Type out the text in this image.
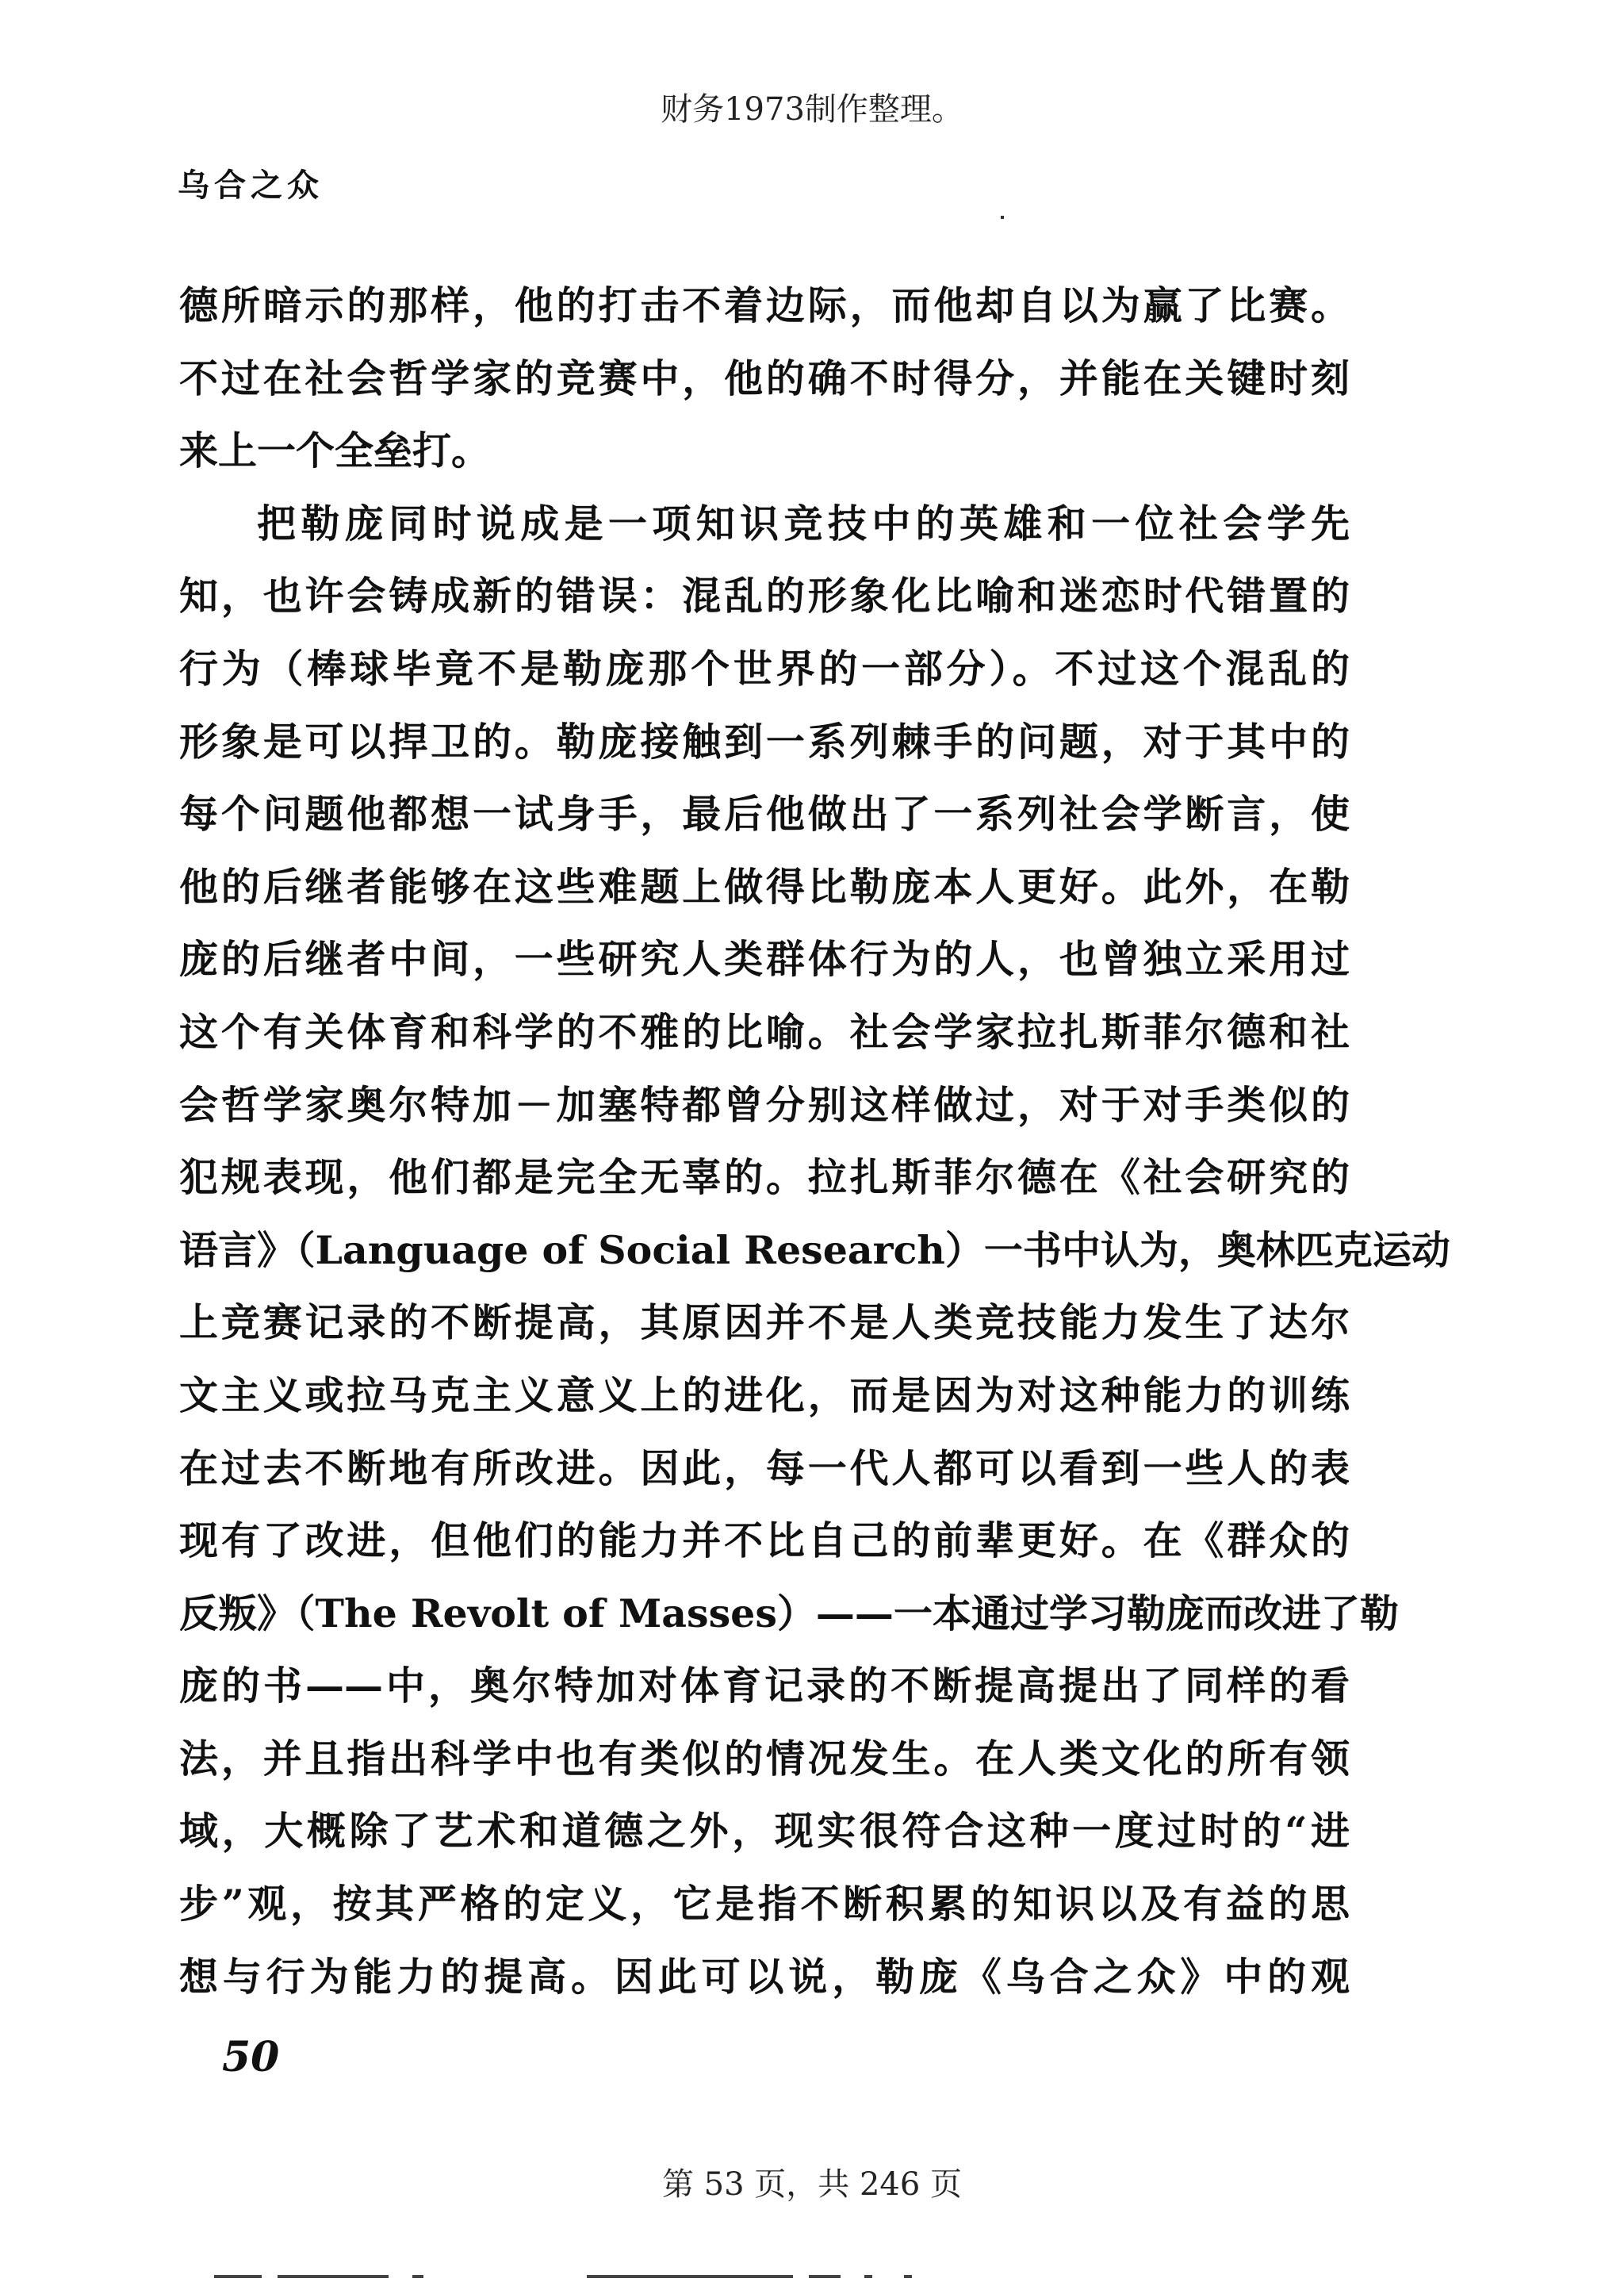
财务1973制作整理。
乌合之众
德所暗示的那样，他的打击不着边际，而他却自以为赢了比赛。
不过在社会哲学家的竞赛中，他的确不时得分，并能在关键时刻
来上一个全垒打。
把勒庞同时说成是一项知识竞技中的英雄和一位社会学先
知，也许会铸成新的错误：混乱的形象化比喻和迷恋时代错置的
行为（棒球毕竟不是勒庞那个世界的一部分）。不过这个混乱的
形象是可以捍卫的。勒庞接触到一系列棘手的问题，对于其中的
每个问题他都想一试身手，最后他做出了一系列社会学断言，使
他的后继者能够在这些难题上做得比勒庞本人更好。此外，在勒
庞的后继者中间，一些研究人类群体行为的人，也曾独立采用过
这个有关体育和科学的不雅的比喻。社会学家拉扎斯菲尔德和社
会哲学家奥尔特加－加塞特都曾分别这样做过，对于对手类似的
犯规表现，他们都是完全无辜的。拉扎斯菲尔德在《社会研究的
语言》（Language of Social Research）一书中认为，奥林匹克运动
上竞赛记录的不断提高，其原因并不是人类竞技能力发生了达尔
文主义或拉马克主义意义上的进化，而是因为对这种能力的训练
在过去不断地有所改进。因此，每一代人都可以看到一些人的表
现有了改进，但他们的能力并不比自己的前辈更好。在《群众的
反叛》（The Revolt of Masses）——一本通过学习勒庞而改进了勒
庞的书——中，奥尔特加对体育记录的不断提高提出了同样的看
法，并且指出科学中也有类似的情况发生。在人类文化的所有领
域，大概除了艺术和道德之外，现实很符合这种一度过时的“进
步”观，按其严格的定义，它是指不断积累的知识以及有益的思
想与行为能力的提高。因此可以说，勒庞《乌合之众》中的观
50
第 53 页，共 246 页
